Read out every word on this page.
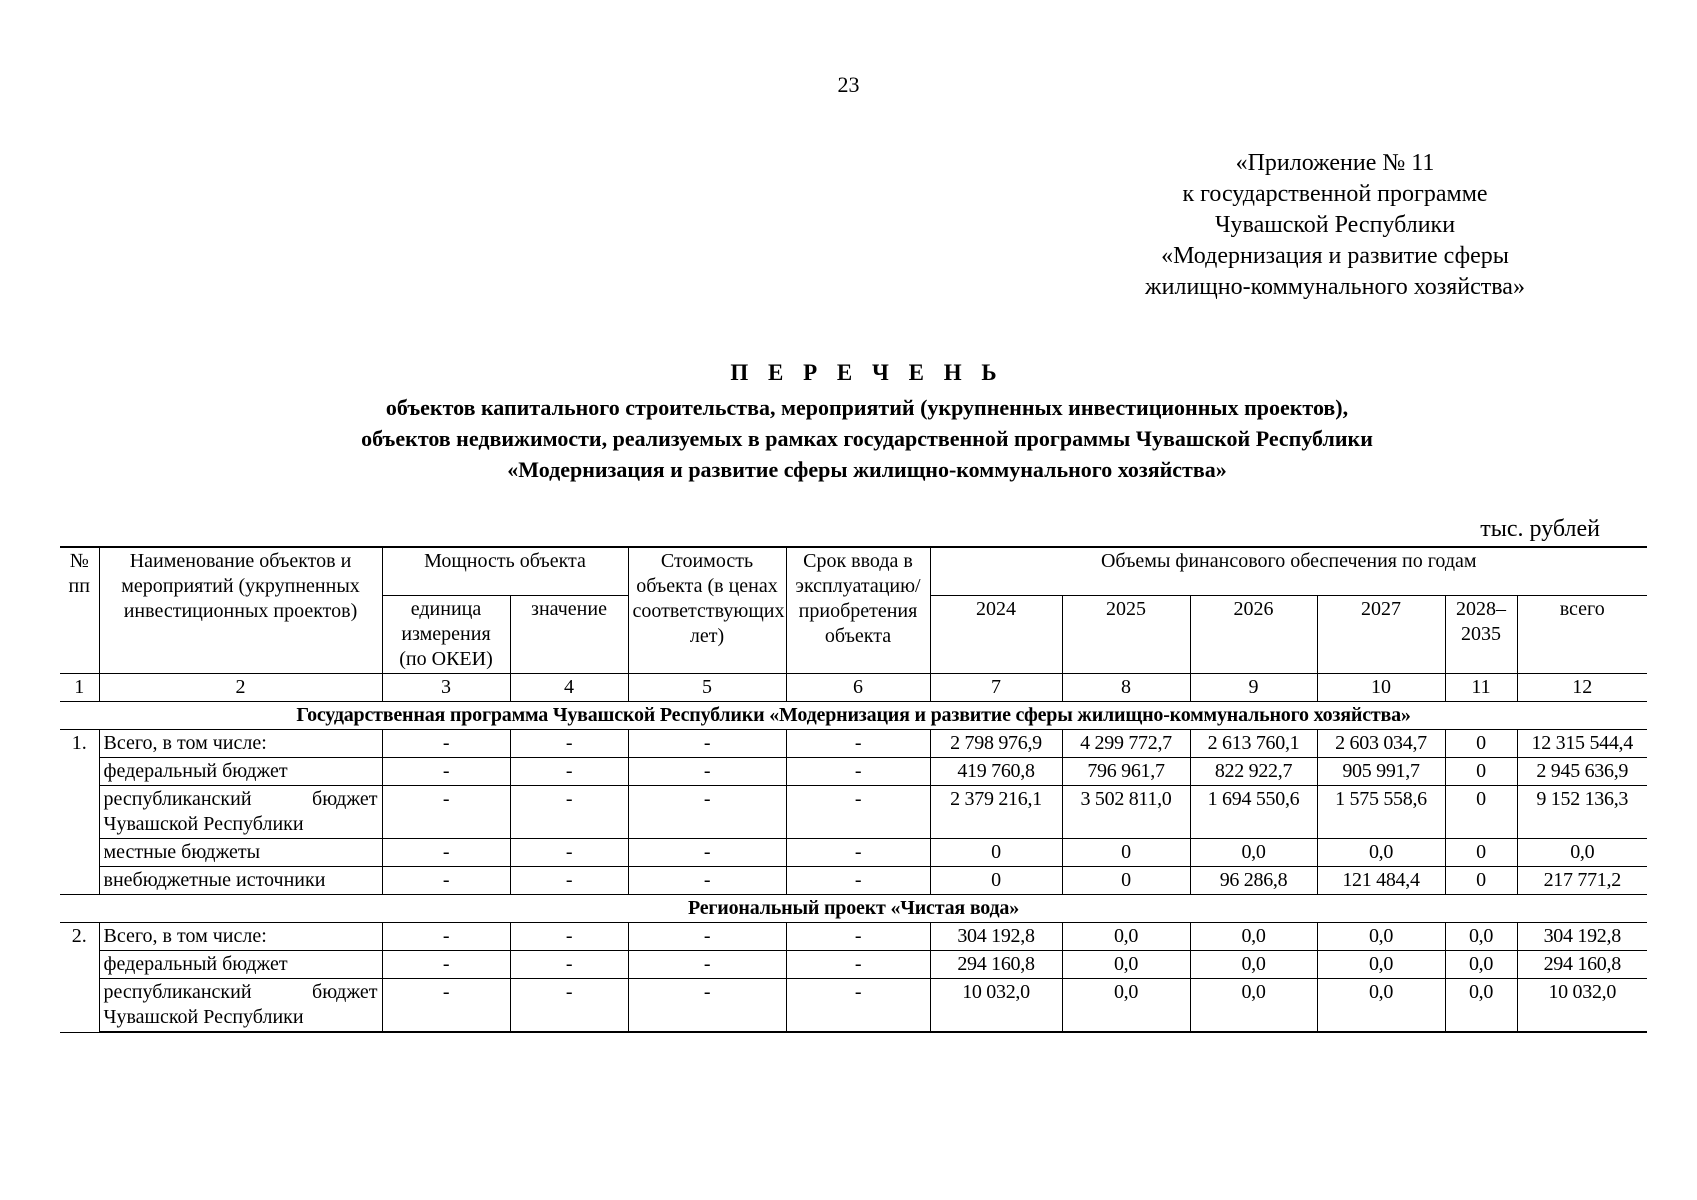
23
«Приложение № 11
к государственной программе
Чувашской Республики
«Модернизация и развитие сферы
жилищно-коммунального хозяйства»
П Е Р Е Ч Е Н Ь
объектов капитального строительства, мероприятий (укрупненных инвестиционных проектов),
объектов недвижимости, реализуемых в рамках государственной программы Чувашской Республики
«Модернизация и развитие сферы жилищно-коммунального хозяйства»
тыс. рублей
№ пп	Наименование объектов и мероприятий (укрупненных инвестиционных проектов)	Мощность объекта		Стоимость объекта (в ценах соответствующих лет)	Срок ввода в эксплуатацию/приобретения объекта	Объемы финансового обеспечения по годам					
		единица измерения (по ОКЕИ)	значение			2024	2025	2026	2027	2028–2035	всего
1	2	3	4	5	6	7	8	9	10	11	12
Государственная программа Чувашской Республики «Модернизация и развитие сферы жилищно-коммунального хозяйства»											
1.	Всего, в том числе:	-	-	-	-	2 798 976,9	4 299 772,7	2 613 760,1	2 603 034,7	0	12 315 544,4
	федеральный бюджет	-	-	-	-	419 760,8	796 961,7	822 922,7	905 991,7	0	2 945 636,9
	республиканский бюджет Чувашской Республики	-	-	-	-	2 379 216,1	3 502 811,0	1 694 550,6	1 575 558,6	0	9 152 136,3
	местные бюджеты	-	-	-	-	0	0	0,0	0,0	0	0,0
	внебюджетные источники	-	-	-	-	0	0	96 286,8	121 484,4	0	217 771,2
Региональный проект «Чистая вода»											
2.	Всего, в том числе:	-	-	-	-	304 192,8	0,0	0,0	0,0	0,0	304 192,8
	федеральный бюджет	-	-	-	-	294 160,8	0,0	0,0	0,0	0,0	294 160,8
	республиканский бюджет Чувашской Республики	-	-	-	-	10 032,0	0,0	0,0	0,0	0,0	10 032,0
